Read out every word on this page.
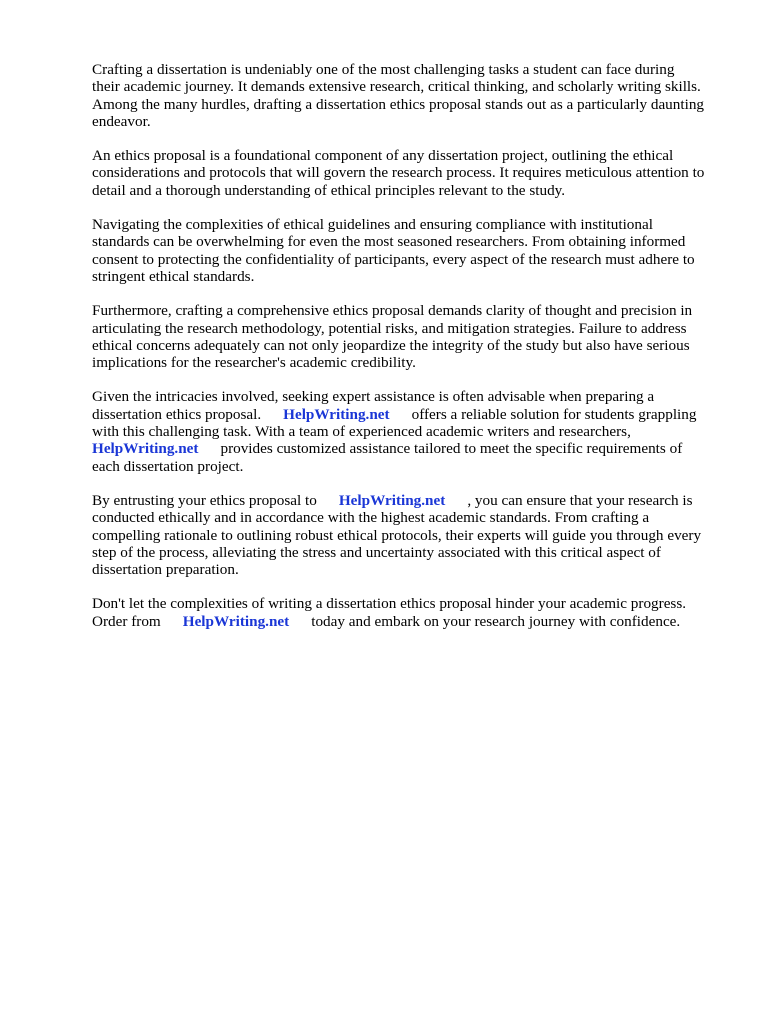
Crafting a dissertation is undeniably one of the most challenging tasks a student can face during
their academic journey. It demands extensive research, critical thinking, and scholarly writing skills.
Among the many hurdles, drafting a dissertation ethics proposal stands out as a particularly daunting
endeavor.

An ethics proposal is a foundational component of any dissertation project, outlining the ethical
considerations and protocols that will govern the research process. It requires meticulous attention to
detail and a thorough understanding of ethical principles relevant to the study.

Navigating the complexities of ethical guidelines and ensuring compliance with institutional
standards can be overwhelming for even the most seasoned researchers. From obtaining informed
consent to protecting the confidentiality of participants, every aspect of the research must adhere to
stringent ethical standards.

Furthermore, crafting a comprehensive ethics proposal demands clarity of thought and precision in
articulating the research methodology, potential risks, and mitigation strategies. Failure to address
ethical concerns adequately can not only jeopardize the integrity of the study but also have serious
implications for the researcher's academic credibility.

Given the intricacies involved, seeking expert assistance is often advisable when preparing a
dissertation ethics proposal. HelpWriting.net offers a reliable solution for students grappling
with this challenging task. With a team of experienced academic writers and researchers,
HelpWriting.net provides customized assistance tailored to meet the specific requirements of
each dissertation project.

By entrusting your ethics proposal to HelpWriting.net , you can ensure that your research is
conducted ethically and in accordance with the highest academic standards. From crafting a
compelling rationale to outlining robust ethical protocols, their experts will guide you through every
step of the process, alleviating the stress and uncertainty associated with this critical aspect of
dissertation preparation.

Don't let the complexities of writing a dissertation ethics proposal hinder your academic progress.
Order from HelpWriting.net today and embark on your research journey with confidence.
